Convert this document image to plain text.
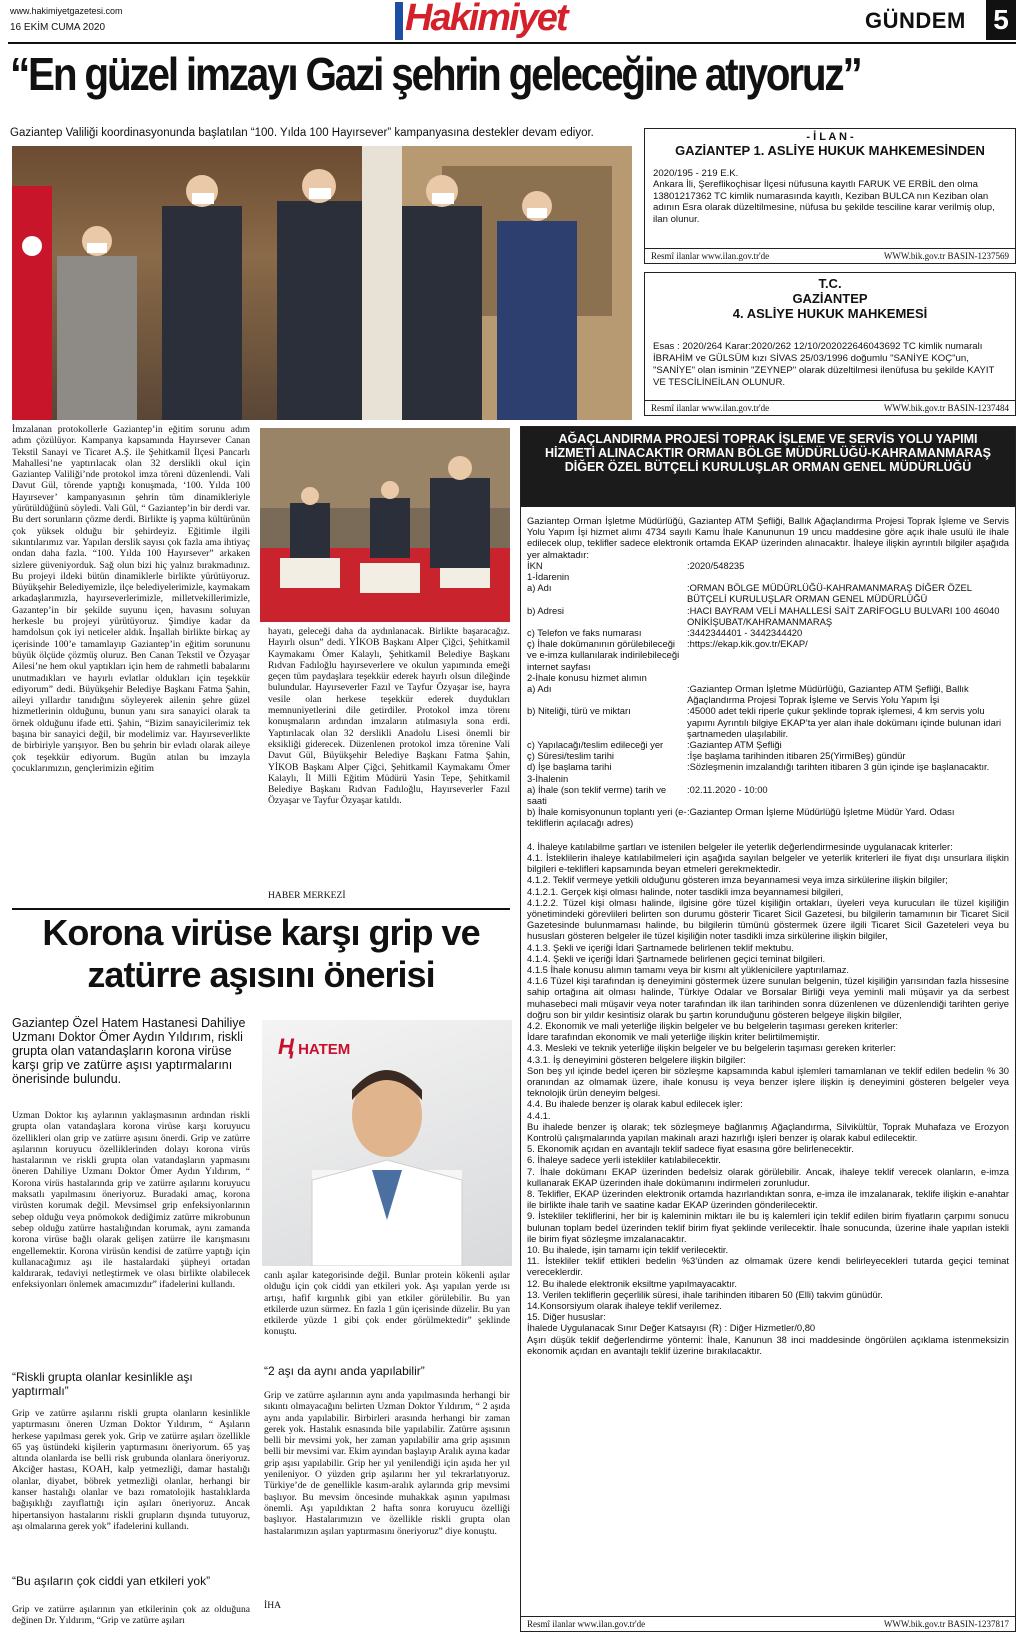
www.hakimiyetgazetesi.com
16 EKİM CUMA 2020	Hakimiyet	GÜNDEM 5
“En güzel imzayı Gazi şehrin geleceğine atıyoruz”
Gaziantep Valiliği koordinasyonunda başlatılan “100. Yılda 100 Hayırsever” kampanyasına destekler devam ediyor.
İmzalanan protokollerle Gaziantep’in eğitim sorunu adım adım çözülüyor. Kampanya kapsamında Hayırsever Canan Tekstil Sanayi ve Ticaret A.Ş. ile Şehitkamil İlçesi Pancarlı Mahallesi’ne yaptırılacak olan 32 derslikli okul için Gaziantep Valiliği’nde protokol imza töreni düzenlendi. Vali Davut Gül, törende yaptığı konuşmada, ‘100. Yılda 100 Hayırsever’ kampanyasının şehrin tüm dinamikleriyle yürütüldüğünü söyledi. Vali Gül, “ Gaziantep’in bir derdi var. Bu dert sorunların çözme derdi. Birlikte iş yapma kültürünün çok yüksek olduğu bir şehirdeyiz. Eğitimle ilgili sıkıntılarımız var. Yapılan derslik sayısı çok fazla ama ihtiyaç ondan daha fazla. “100. Yılda 100 Hayırsever” arkaken sizlere güveniyorduk. Sağ olun bizi hiç yalnız bırakmadınız. Bu projeyi ildeki bütün dinamiklerle birlikte yürütüyoruz. Büyükşehir Belediyemizle, ilçe belediyelerimizle, kaymakam arkadaşlarımızla, hayırseverlerimizle, milletvekillerimizle, Gazantep’in bir şekilde suyunu içen, havasını soluyan herkesle bu projeyi yürütüyoruz. Şimdiye kadar da hamdolsun çok iyi neticeler aldık. İnşallah birlikte birkaç ay içerisinde 100’e tamamlayıp Gaziantep’in eğitim sorununu büyük ölçüde çözmüş oluruz. Ben Canan Tekstil ve Özyaşar Ailesi’ne hem okul yaptıkları için hem de rahmetli babalarını unutmadıkları ve hayırlı evlatlar oldukları için teşekkür ediyorum” dedi. Büyükşehir Belediye Başkanı Fatma Şahin, aileyi yıllardır tanıdığını söyleyerek ailenin şehre güzel hizmetlerinin olduğunu, bunun yanı sıra sanayici olarak ta örnek olduğunu ifade etti. Şahin, “Bizim sanayicilerimiz tek başına bir sanayici değil, bir modelimiz var. Hayırseverlikte de birbiriyle yarışıyor. Ben bu şehrin bir evladı olarak aileye çok teşekkür ediyorum. Bugün atılan bu imzayla çocuklarımızın, gençlerimizin eğitim
hayatı, geleceği daha da aydınlanacak. Birlikte başaracağız. Hayırlı olsun” dedi. YİKOB Başkanı Alper Çiğci, Şehitkamil Kaymakamı Ömer Kalaylı, Şehitkamil Belediye Başkanı Rıdvan Fadıloğlu hayırseverlere ve okulun yapımında emeği geçen tüm paydaşlara teşekkür ederek hayırlı olsun dileğinde bulundular. Hayırseverler Fazıl ve Tayfur Özyaşar ise, hayra vesile olan herkese teşekkür ederek duydukları memnuniyetlerini dile getirdiler. Protokol imza törenı konuşmaların ardından imzaların atılmasıyla sona erdi. Yaptırılacak olan 32 derslikli Anadolu Lisesi önemli bir eksikliği giderecek. Düzenlenen protokol imza törenine Vali Davut Gül, Büyükşehir Belediye Başkanı Fatma Şahin, YİKOB Başkanı Alper Çiğci, Şehitkamil Kaymakamı Ömer Kalaylı, İl Milli Eğitim Müdürü Yasin Tepe, Şehitkamil Belediye Başkanı Rıdvan Fadıloğlu, Hayırseverler Fazıl Özyaşar ve Tayfur Özyaşar katıldı.
HABER MERKEZİ
- İ L A N -
GAZİANTEP 1. ASLİYE HUKUK MAHKEMESİNDEN
2020/195 - 219 E.K.
Ankara İli, Şereflikoçhisar İlçesi nüfusuna kayıtlı FARUK VE ERBİL den olma 13801217362 TC kimlik numarasında kayıtlı, Keziban BULCA nın Keziban olan adının Esra olarak düzeltilmesine, nüfusa bu şekilde tesciline karar verilmiş olup, ilan olunur.
Resmî ilanlar www.ilan.gov.tr'de	WWW.bik.gov.tr BASIN-1237569
T.C.
GAZİANTEP
4. ASLİYE HUKUK MAHKEMESİ
Esas : 2020/264 Karar:2020/262 12/10/202022646043692 TC kimlik numaralı İBRAHİM ve GÜLSÜM kızı SİVAS 25/03/1996 doğumlu "SANİYE KOÇ"un, "SANİYE" olan isminin "ZEYNEP" olarak düzeltilmesi ilenüfusa bu şekilde KAYIT VE TESCİLİNEİLAN OLUNUR.
Resmî ilanlar www.ilan.gov.tr'de	WWW.bik.gov.tr BASIN-1237484
AĞAÇLANDIRMA PROJESİ TOPRAK İŞLEME VE SERVİS YOLU YAPIMI HİZMETİ ALINACAKTIR ORMAN BÖLGE MÜDÜRLÜĞÜ-KAHRAMANMARAŞ DİĞER ÖZEL BÜTÇELİ KURULUŞLAR ORMAN GENEL MÜDÜRLÜĞÜ
Gaziantep Orman İşletme Müdürlüğü, Gaziantep ATM Şefliği, Ballık Ağaçlandırma Projesi Toprak İşleme ve Servis Yolu Yapım İşi hizmet alımı 4734 sayılı Kamu İhale Kanununun 19 uncu maddesine göre açık ihale usulü ile ihale edilecek olup, teklifler sadece elektronik ortamda EKAP üzerinden alınacaktır. İhaleye ilişkin ayrıntılı bilgiler aşağıda yer almaktadır:
İKN	:2020/548235
1-İdarenin
a) Adı	:ORMAN BÖLGE MÜDÜRLÜĞÜ-KAHRAMANMARAŞ DİĞER ÖZEL BÜTÇELİ KURULUŞLAR ORMAN GENEL MÜDÜRLÜĞÜ
b) Adresi	:HACI BAYRAM VELİ MAHALLESİ SAİT ZARİFOGLU BULVARI 100 46040 ONİKİŞUBAT/KAHRAMANMARAŞ
c) Telefon ve faks numarası	:3442344401 - 3442344420
ç) İhale dokümanının görülebileceği ve e-imza kullanılarak indirilebileceği internet sayfası
:https://ekap.kik.gov.tr/EKAP/
2-İhale konusu hizmet alımın
a) Adı	:Gaziantep Orman İşletme Müdürlüğü, Gaziantep ATM Şefliği, Ballık Ağaçlandırma Projesi Toprak İşleme ve Servis Yolu Yapım İşi
b) Niteliği, türü ve miktarı	:45000 adet tekli riperle çukur şeklinde toprak işlemesi, 4 km servis yolu yapımı Ayrıntılı bilgiye EKAP’ta yer alan ihale dokümanı içinde bulunan idari şartnameden ulaşılabilir.
c) Yapılacağı/teslim edileceği yer	:Gaziantep ATM Şefliği
ç) Süresi/teslim tarihi	:İşe başlama tarihinden itibaren 25(YirmiBeş) gündür
d) İşe başlama tarihi	:Sözleşmenin imzalandığı tarihten itibaren 3 gün içinde işe başlanacaktır.
3-İhalenin
a) İhale (son teklif verme) tarih ve saati
:02.11.2020 - 10:00
b) İhale komisyonunun toplantı yeri (e-tekliflerin açılacağı adres)
:Gaziantep Orman İşleme Müdürlüğü İşletme Müdür Yard. Odası
4. İhaleye katılabilme şartları ve istenilen belgeler ile yeterlik değerlendirmesinde uygulanacak kriterler:
4.1. İsteklilerin ihaleye katılabilmeleri için aşağıda sayılan belgeler ve yeterlik kriterleri ile fiyat dışı unsurlara ilişkin bilgileri e-teklifleri kapsamında beyan etmeleri gerekmektedir.
4.1.2. Teklif vermeye yetkili olduğunu gösteren imza beyannamesi veya imza sirkülerine ilişkin bilgiler;
4.1.2.1. Gerçek kişi olması halinde, noter tasdikli imza beyannamesi bilgileri,
4.1.2.2. Tüzel kişi olması halinde, ilgisine göre tüzel kişiliğin ortakları, üyeleri veya kurucuları ile tüzel kişiliğin yönetimindeki görevlileri belirten son durumu gösterir Ticaret Sicil Gazetesi, bu bilgilerin tamamının bir Ticaret Sicil Gazetesinde bulunmaması halinde, bu bilgilerin tümünü göstermek üzere ilgili Ticaret Sicil Gazeteleri veya bu hususları gösteren belgeler ile tüzel kişiliğin noter tasdikli imza sirkülerine ilişkin bilgiler,
4.1.3. Şekli ve içeriği İdari Şartnamede belirlenen teklif mektubu.
4.1.4. Şekli ve içeriği İdari Şartnamede belirlenen geçici teminat bilgileri.
4.1.5 İhale konusu alımın tamamı veya bir kısmı alt yüklenicilere yaptırılamaz.
4.1.6 Tüzel kişi tarafından iş deneyimini göstermek üzere sunulan belgenin, tüzel kişiliğin yarısından fazla hissesine sahip ortağına ait olması halinde, Türkiye Odalar ve Borsalar Birliği veya yeminli mali müşavir ya da serbest muhasebeci mali müşavir veya noter tarafından ilk ilan tarihinden sonra düzenlenen ve düzenlendiği tarihten geriye doğru son bir yıldır kesintisiz olarak bu şartın korunduğunu gösteren belgeye ilişkin bilgiler,
4.2. Ekonomik ve mali yeterliğe ilişkin belgeler ve bu belgelerin taşıması gereken kriterler:
İdare tarafından ekonomik ve mali yeterliğe ilişkin kriter belirtilmemiştir.
4.3. Mesleki ve teknik yeterliğe ilişkin belgeler ve bu belgelerin taşıması gereken kriterler:
4.3.1. İş deneyimini gösteren belgelere ilişkin bilgiler:
Son beş yıl içinde bedel içeren bir sözleşme kapsamında kabul işlemleri tamamlanan ve teklif edilen bedelin % 30 oranından az olmamak üzere, ihale konusu iş veya benzer işlere ilişkin iş deneyimini gösteren belgeler veya teknolojik ürün deneyim belgesi.
4.4. Bu ihalede benzer iş olarak kabul edilecek işler:
4.4.1.
Bu ihalede benzer iş olarak; tek sözleşmeye bağlanmış Ağaçlandırma, Silvikültür, Toprak Muhafaza ve Erozyon Kontrolü çalışmalarında yapılan makinalı arazi hazırlığı işleri benzer iş olarak kabul edilecektir.
5. Ekonomik açıdan en avantajlı teklif sadece fiyat esasına göre belirlenecektir.
6. İhaleye sadece yerli istekliler katılabilecektir.
7. İhale dokümanı EKAP üzerinden bedelsiz olarak görülebilir. Ancak, ihaleye teklif verecek olanların, e-imza kullanarak EKAP üzerinden ihale dokümanını indirmeleri zorunludur.
8. Teklifler, EKAP üzerinden elektronik ortamda hazırlandıktan sonra, e-imza ile imzalanarak, teklife ilişkin e-anahtar ile birlikte ihale tarih ve saatine kadar EKAP üzerinden gönderilecektir.
9. İstekliler tekliflerini, her bir iş kaleminin miktarı ile bu iş kalemleri için teklif edilen birim fiyatların çarpımı sonucu bulunan toplam bedel üzerinden teklif birim fiyat şeklinde verilecektir. İhale sonucunda, üzerine ihale yapılan istekli ile birim fiyat sözleşme imzalanacaktır.
10. Bu ihalede, işin tamamı için teklif verilecektir.
11. İstekliler teklif ettikleri bedelin %3’ünden az olmamak üzere kendi belirleyecekleri tutarda geçici teminat vereceklerdir.
12. Bu ihalede elektronik eksiltme yapılmayacaktır.
13. Verilen tekliflerin geçerlilik süresi, ihale tarihinden itibaren 50 (Elli) takvim günüdür.
14.Konsorsiyum olarak ihaleye teklif verilemez.
15. Diğer hususlar:
İhalede Uygulanacak Sınır Değer Katsayısı (R) : Diğer Hizmetler/0,80
Aşırı düşük teklif değerlendirme yöntemi: İhale, Kanunun 38 inci maddesinde öngörülen açıklama istenmeksizin ekonomik açıdan en avantajlı teklif üzerine bırakılacaktır.
Resmî ilanlar www.ilan.gov.tr'de	WWW.bik.gov.tr BASIN-1237817
Korona virüse karşı grip ve zatürre aşısını önerisi
Gaziantep Özel Hatem Hastanesi Dahiliye Uzmanı Doktor Ömer Aydın Yıldırım, riskli grupta olan vatandaşların korona virüse karşı grip ve zatürre aşısı yaptırmalarını önerisinde bulundu.
Ⱨ HATEM
Uzman Doktor kış aylarının yaklaşmasının ardından riskli grupta olan vatandaşlara korona virüse karşı koruyucu özellikleri olan grip ve zatürre aşısını önerdi. Grip ve zatürre aşılarının koruyucu özelliklerinden dolayı korona virüs hastalarının ve riskli grupta olan vatandaşların yapmasını öneren Dahiliye Uzmanı Doktor Ömer Aydın Yıldırım, “ Korona virüs hastalarında grip ve zatürre aşılarını koruyucu maksatlı yapılmasını öneriyoruz. Buradaki amaç, korona virüsten korumak değil. Mevsimsel grip enfeksiyonlarının sebep olduğu veya pnömokok dediğimiz zatürre mikrobunun sebep olduğu zatürre hastalığından korumak, aynı zamanda korona virüse bağlı olarak gelişen zatürre ile karışmasını engellemektir. Korona virüsün kendisi de zatürre yaptığı için kullanacağımız aşı ile hastalardaki şüpheyi ortadan kaldırarak, tedaviyi netleştirmek ve olası birlikte olabilecek enfeksiyonları önlemek amacımızdır” ifadelerini kullandı.
“Riskli grupta olanlar kesinlikle aşı yaptırmalı”
Grip ve zatürre aşılarını riskli grupta olanların kesinlikle yaptırmasını öneren Uzman Doktor Yıldırım, “ Aşıların herkese yapılması gerek yok. Grip ve zatürre aşıları özellikle 65 yaş üstündeki kişilerin yaptırmasını öneriyorum. 65 yaş altında olanlarda ise belli risk grubunda olanlara öneriyoruz. Akciğer hastası, KOAH, kalp yetmezliği, damar hastalığı olanlar, diyabet, böbrek yetmezliği olanlar, herhangi bir kanser hastalığı olanlar ve bazı romatolojik hastalıklarda bağışıklığı zayıflattığı için aşıları öneriyoruz. Ancak hipertansiyon hastalarını riskli grupların dışında tutuyoruz, aşı olmalarına gerek yok” ifadelerini kullandı.
“Bu aşıların çok ciddi yan etkileri yok”
Grip ve zatürre aşılarının yan etkilerinin çok az olduğuna değinen Dr. Yıldırım, “Grip ve zatürre aşıları
canlı aşılar kategorisinde değil. Bunlar protein kökenli aşılar olduğu için çok ciddi yan etkileri yok. Aşı yapılan yerde ısı artışı, hafif kırgınlık gibi yan etkiler görülebilir. Bu yan etkilerde uzun sürmez. En fazla 1 gün içerisinde düzelir. Bu yan etkilerde yüzde 1 gibi çok ender görülmektedir” şeklinde konuştu.
“2 aşı da aynı anda yapılabilir”
Grip ve zatürre aşılarının aynı anda yapılmasında herhangi bir sıkıntı olmayacağını belirten Uzman Doktor Yıldırım, “ 2 aşıda aynı anda yapılabilir. Birbirleri arasında herhangi bir zaman gerek yok. Hastalık esnasında bile yapılabilir. Zatürre aşısının belli bir mevsimi yok, her zaman yapılabilir ama grip aşısının belli bir mevsimi var. Ekim ayından başlayıp Aralık ayına kadar grip aşısı yapılabilir. Grip her yıl yenilendiği için aşıda her yıl yenileniyor. O yüzden grip aşılarını her yıl tekrarlatıyoruz. Türkiye’de de genellikle kasım-aralık aylarında grip mevsimi başlıyor. Bu mevsim öncesinde muhakkak aşının yapılması önemli. Aşı yapıldıktan 2 hafta sonra koruyucu özelliği başlıyor. Hastalarımızın ve özellikle riskli grupta olan hastalarımızın aşıları yaptırmasını öneriyoruz” diye konuştu.
İHA
